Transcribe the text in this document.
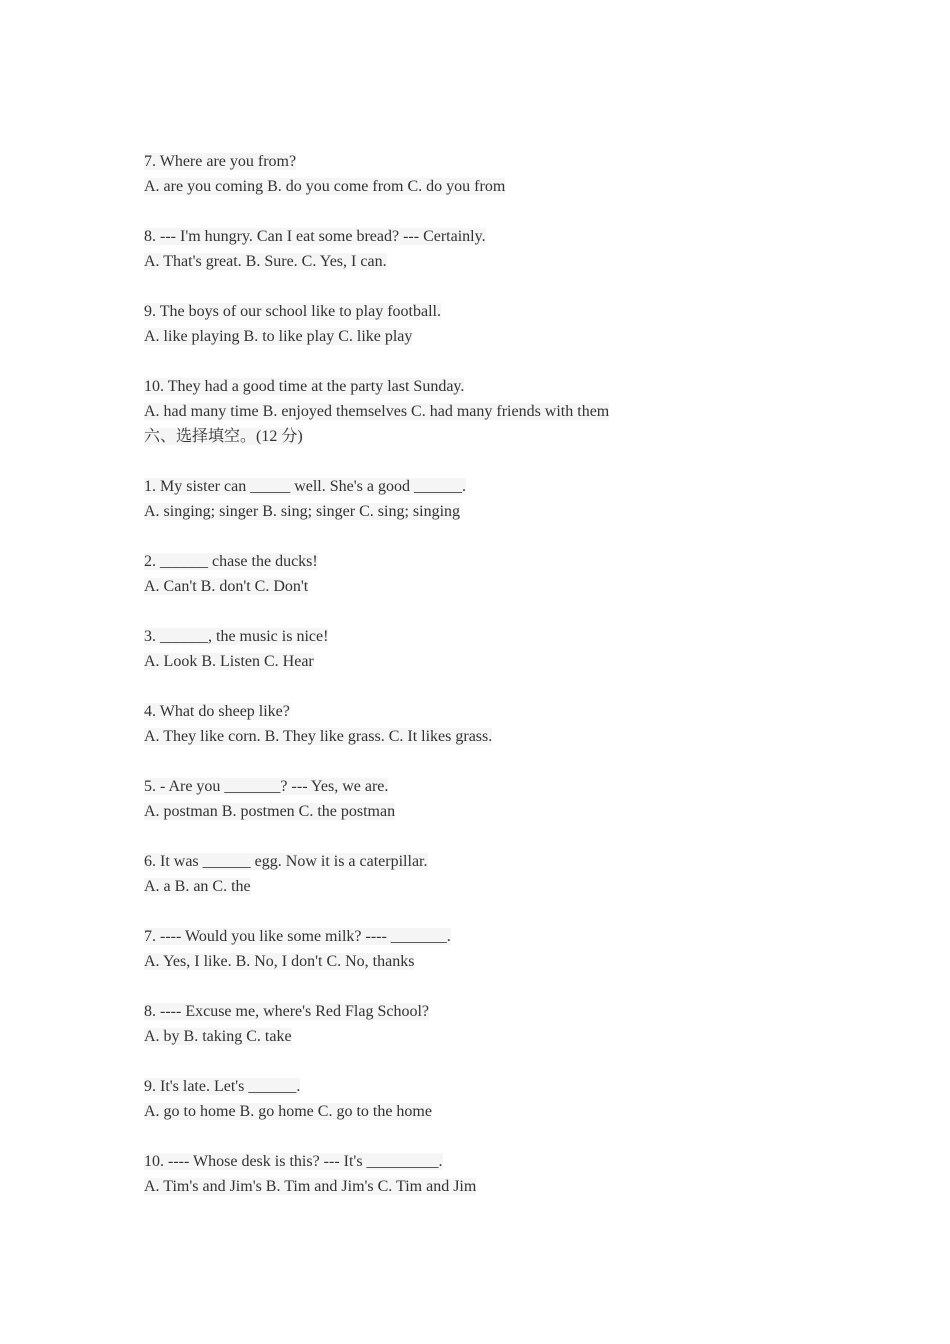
7. Where are you from?
A. are you coming B. do you come from C. do you from
8. --- I'm hungry. Can I eat some bread? --- Certainly.
A. That's great. B. Sure. C. Yes, I can.
9. The boys of our school like to play football.
A. like playing B. to like play C. like play
10. They had a good time at the party last Sunday.
A. had many time B. enjoyed themselves C. had many friends with them
六、选择填空。(12 分)
1. My sister can _____ well. She's a good ______.
A. singing; singer B. sing; singer C. sing; singing
2. ______ chase the ducks!
A. Can't B. don't C. Don't
3. ______, the music is nice!
A. Look B. Listen C. Hear
4. What do sheep like?
A. They like corn. B. They like grass. C. It likes grass.
5. - Are you _______? --- Yes, we are.
A. postman B. postmen C. the postman
6. It was ______ egg. Now it is a caterpillar.
A. a B. an C. the
7. ---- Would you like some milk? ---- _______.
A. Yes, I like. B. No, I don't C. No, thanks
8. ---- Excuse me, where's Red Flag School?
A. by B. taking C. take
9. It's late. Let's ______.
A. go to home B. go home C. go to the home
10. ---- Whose desk is this? --- It's _________.
A. Tim's and Jim's B. Tim and Jim's C. Tim and Jim
